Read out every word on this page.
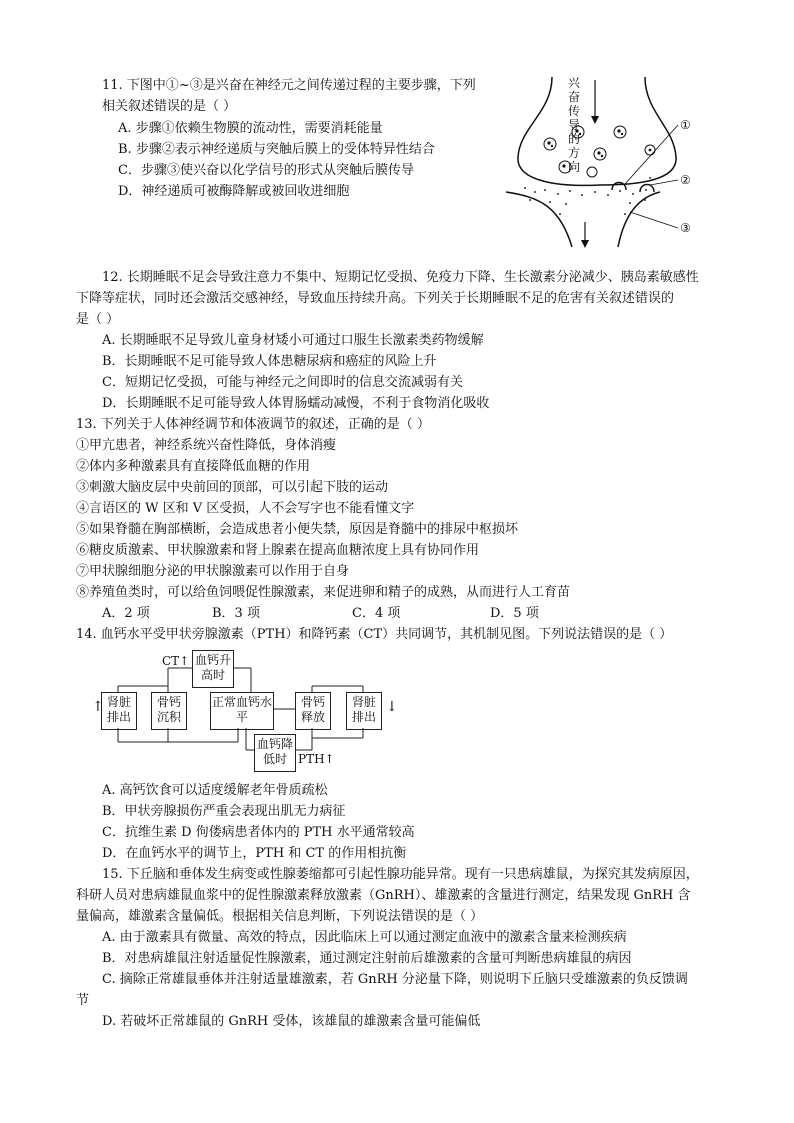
11. 下图中①~③是兴奋在神经元之间传递过程的主要步骤，下列
相关叙述错误的是（ ）
A. 步骤①依赖生物膜的流动性，需要消耗能量
B. 步骤②表示神经递质与突触后膜上的受体特异性结合
C．步骤③使兴奋以化学信号的形式从突触后膜传导
D．神经递质可被酶降解或被回收进细胞
兴奋传导的方向
①
②
③
12. 长期睡眠不足会导致注意力不集中、短期记忆受损、免疫力下降、生长激素分泌减少、胰岛素敏感性
下降等症状，同时还会激活交感神经，导致血压持续升高。下列关于长期睡眠不足的危害有关叙述错误的
是（ ）
A. 长期睡眠不足导致儿童身材矮小可通过口服生长激素类药物缓解
B．长期睡眠不足可能导致人体患糖尿病和癌症的风险上升
C．短期记忆受损，可能与神经元之间即时的信息交流减弱有关
D．长期睡眠不足可能导致人体胃肠蠕动减慢，不利于食物消化吸收
13. 下列关于人体神经调节和体液调节的叙述，正确的是（ ）
①甲亢患者，神经系统兴奋性降低，身体消瘦
②体内多种激素具有直接降低血糖的作用
③刺激大脑皮层中央前回的顶部，可以引起下肢的运动
④言语区的 W 区和 V 区受损，人不会写字也不能看懂文字
⑤如果脊髓在胸部横断，会造成患者小便失禁，原因是脊髓中的排尿中枢损坏
⑥糖皮质激素、甲状腺激素和肾上腺素在提高血糖浓度上具有协同作用
⑦甲状腺细胞分泌的甲状腺激素可以作用于自身
⑧养殖鱼类时，可以给鱼饲喂促性腺激素，来促进卵和精子的成熟，从而进行人工育苗
A．2 项	B．3 项	C．4 项	D．5 项
14. 血钙水平受甲状旁腺激素（PTH）和降钙素（CT）共同调节，其机制见图。下列说法错误的是（ ）
CT↑ 血钙升高时
肾脏排出
骨钙沉积
正常血钙水平
骨钙释放
肾脏排出
血钙降低时 PTH↑
↑	↓
A. 高钙饮食可以适度缓解老年骨质疏松
B．甲状旁腺损伤严重会表现出肌无力病征
C．抗维生素 D 佝偻病患者体内的 PTH 水平通常较高
D．在血钙水平的调节上，PTH 和 CT 的作用相抗衡
15. 下丘脑和垂体发生病变或性腺萎缩都可引起性腺功能异常。现有一只患病雄鼠，为探究其发病原因，
科研人员对患病雄鼠血浆中的促性腺激素释放激素（GnRH）、雄激素的含量进行测定，结果发现 GnRH 含
量偏高，雄激素含量偏低。根据相关信息判断，下列说法错误的是（ ）
A. 由于激素具有微量、高效的特点，因此临床上可以通过测定血液中的激素含量来检测疾病
B．对患病雄鼠注射适量促性腺激素，通过测定注射前后雄激素的含量可判断患病雄鼠的病因
C. 摘除正常雄鼠垂体并注射适量雄激素，若 GnRH 分泌量下降，则说明下丘脑只受雄激素的负反馈调
节
D. 若破坏正常雄鼠的 GnRH 受体，该雄鼠的雄激素含量可能偏低
